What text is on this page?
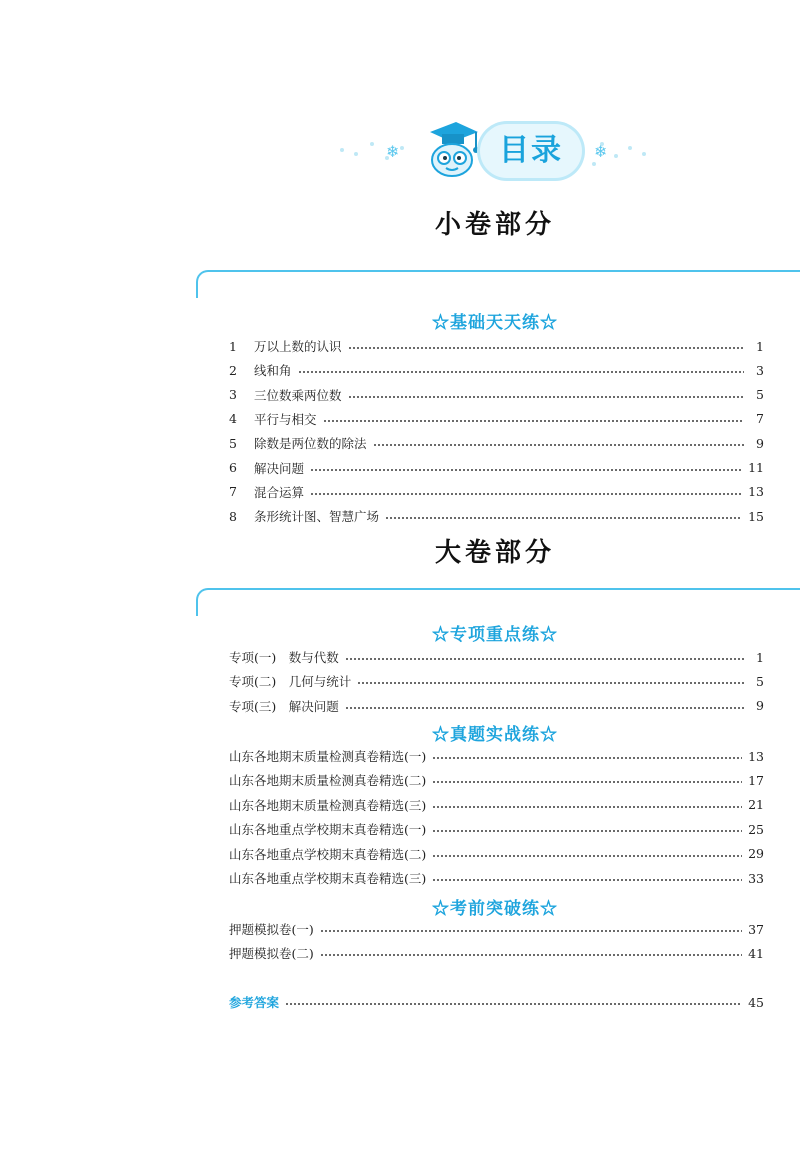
❄	❄
目录
小卷部分
☆基础天天练☆
1	万以上数的认识	1
2	线和角	3
3	三位数乘两位数	5
4	平行与相交	7
5	除数是两位数的除法	9
6	解决问题	11
7	混合运算	13
8	条形统计图、智慧广场	15
大卷部分
☆专项重点练☆
☆真题实战练☆
☆考前突破练☆
专项(一)　数与代数	1
专项(二)　几何与统计	5
专项(三)　解决问题	9
山东各地期末质量检测真卷精选(一)	13
山东各地期末质量检测真卷精选(二)	17
山东各地期末质量检测真卷精选(三)	21
山东各地重点学校期末真卷精选(一)	25
山东各地重点学校期末真卷精选(二)	29
山东各地重点学校期末真卷精选(三)	33
押题模拟卷(一)	37
押题模拟卷(二)	41
参考答案	45
